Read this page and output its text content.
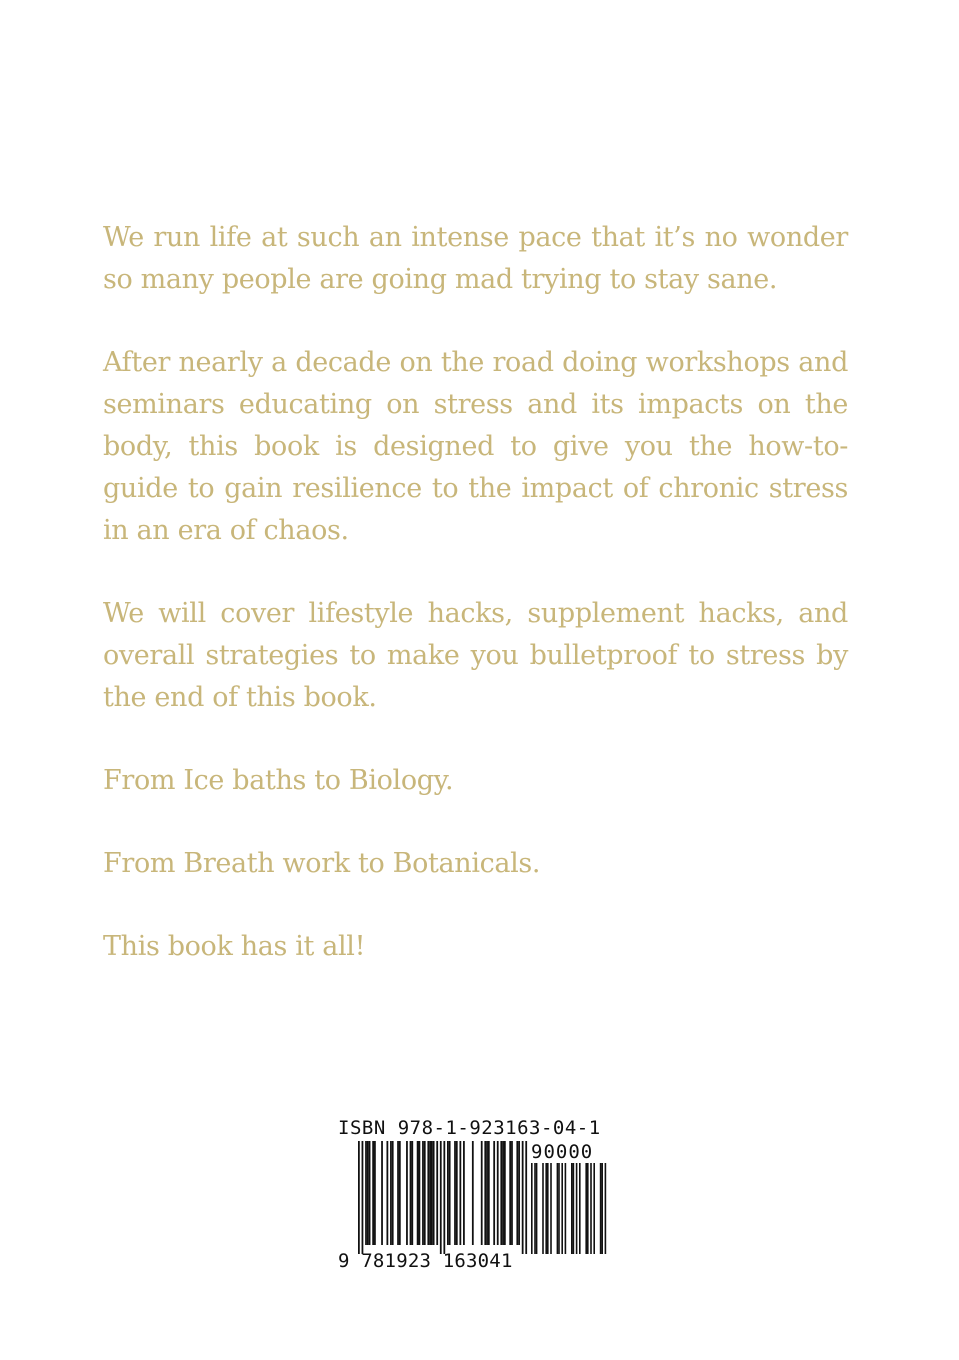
We run life at such an intense pace that it’s no wonder so many people are going mad trying to stay sane.

After nearly a decade on the road doing workshops and seminars educating on stress and its impacts on the body, this book is designed to give you the how-to-guide to gain resilience to the impact of chronic stress in an era of chaos.

We will cover lifestyle hacks, supplement hacks, and overall strategies to make you bulletproof to stress by the end of this book.

From Ice baths to Biology.

From Breath work to Botanicals.

This book has it all!

ISBN 978-1-923163-04-1
90000
9 781923 163041
